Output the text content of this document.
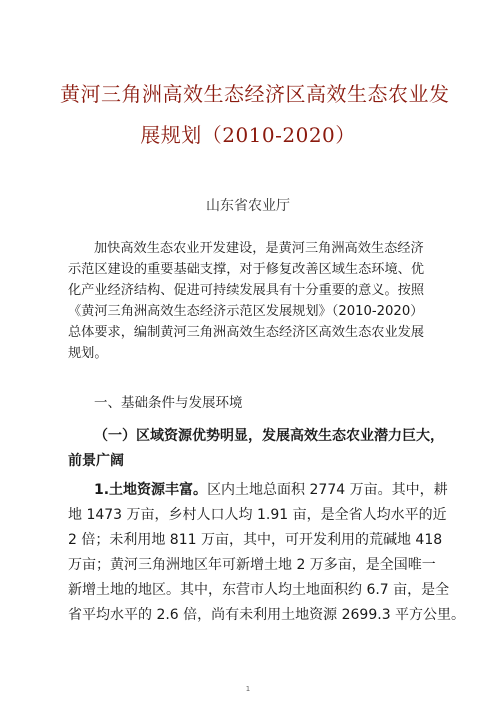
黄河三角洲高效生态经济区高效生态农业发
展规划（2010-2020）
山东省农业厅
加快高效生态农业开发建设，是黄河三角洲高效生态经济
示范区建设的重要基础支撑，对于修复改善区域生态环境、优
化产业经济结构、促进可持续发展具有十分重要的意义。按照
《黄河三角洲高效生态经济示范区发展规划》（2010-2020）
总体要求，编制黄河三角洲高效生态经济区高效生态农业发展
规划。
一、基础条件与发展环境
（一）区域资源优势明显，发展高效生态农业潜力巨大，
前景广阔
1.土地资源丰富。区内土地总面积 2774 万亩。其中，耕
地 1473 万亩，乡村人口人均 1.91 亩，是全省人均水平的近
2 倍；未利用地 811 万亩，其中，可开发利用的荒碱地 418
万亩；黄河三角洲地区年可新增土地 2 万多亩，是全国唯一
新增土地的地区。其中，东营市人均土地面积约 6.7 亩，是全
省平均水平的 2.6 倍，尚有未利用土地资源 2699.3 平方公里。
1
